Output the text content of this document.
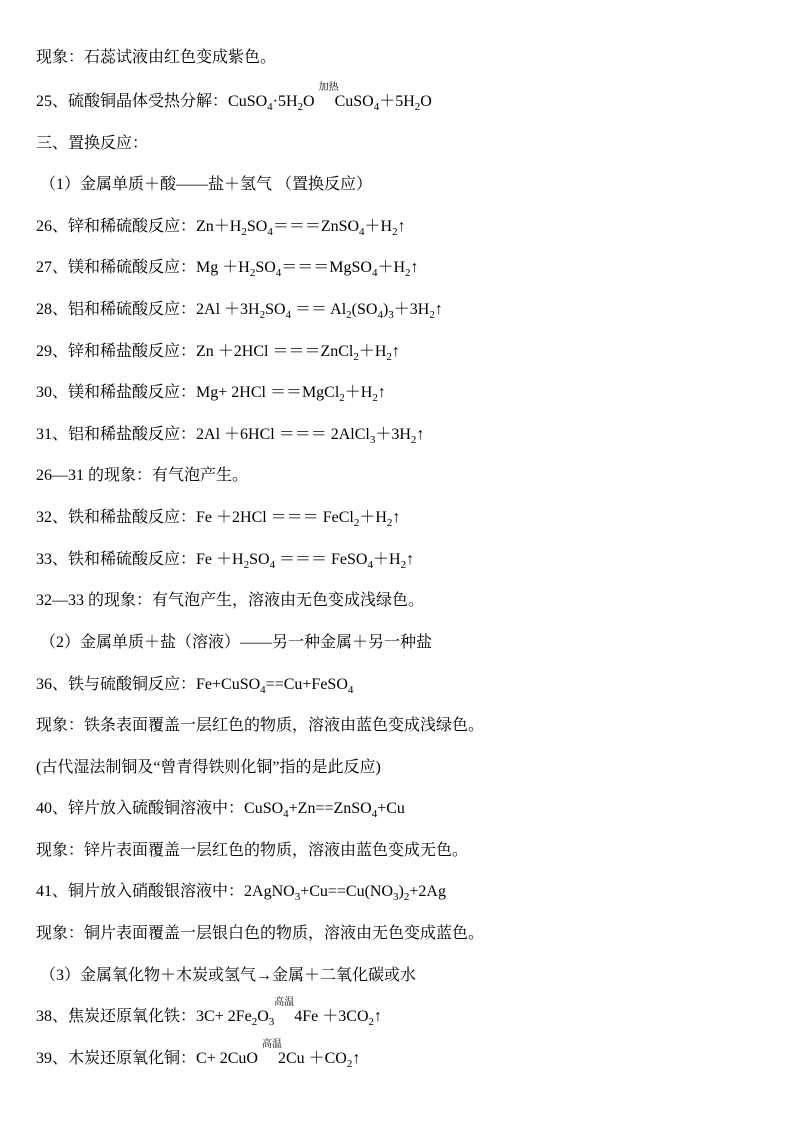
现象：石蕊试液由红色变成紫色。
25、硫酸铜晶体受热分解：$CuSO_4\cdot 5H_2O$
加热
$CuSO_4+5H_2O$
三、置换反应：
（1）金属单质＋酸——盐＋氢气 （置换反应）
26、锌和稀硫酸反应：$Zn+H_2SO_4===ZnSO_4+H_2↑$
27、镁和稀硫酸反应：$Mg +H_2SO_4===MgSO_4+H_2↑$
28、铝和稀硫酸反应：$2Al +3H_2SO_4$ ＝＝ $Al_2(SO_4)_3+3H_2↑$
29、锌和稀盐酸反应：$Zn +2HCl ===ZnCl_2+H_2↑$
30、镁和稀盐酸反应：$Mg+ 2HCl ==MgCl_2+H_2↑$
31、铝和稀盐酸反应：2Al ＋6HCl ＝＝＝ $2AlCl_3+3H_2↑$
26—31 的现象：有气泡产生。
32、铁和稀盐酸反应：Fe ＋2HCl ＝＝＝ $FeCl_2+H_2↑$
33、铁和稀硫酸反应：$Fe +H_2SO_4$ ＝＝＝ $FeSO_4+H_2↑$
32—33 的现象：有气泡产生，溶液由无色变成浅绿色。
（2）金属单质＋盐（溶液）——另一种金属＋另一种盐
36、铁与硫酸铜反应：Fe+CuSO$_4$==Cu+FeSO$_4$
现象：铁条表面覆盖一层红色的物质，溶液由蓝色变成浅绿色。
(古代湿法制铜及“曾青得铁则化铜”指的是此反应)
40、锌片放入硫酸铜溶液中：CuSO$_4$+Zn==ZnSO$_4$+Cu
现象：锌片表面覆盖一层红色的物质，溶液由蓝色变成无色。
41、铜片放入硝酸银溶液中：$2AgNO_3+Cu==Cu(NO_3)_2+2Ag$
现象：铜片表面覆盖一层银白色的物质，溶液由无色变成蓝色。
（3）金属氧化物＋木炭或氢气→金属＋二氧化碳或水
38、焦炭还原氧化铁：$3C+ 2Fe_2O_3$
高温
$4Fe +3CO_2↑$
39、木炭还原氧化铜：C+ 2CuO
高温
$2Cu +CO_2↑$
